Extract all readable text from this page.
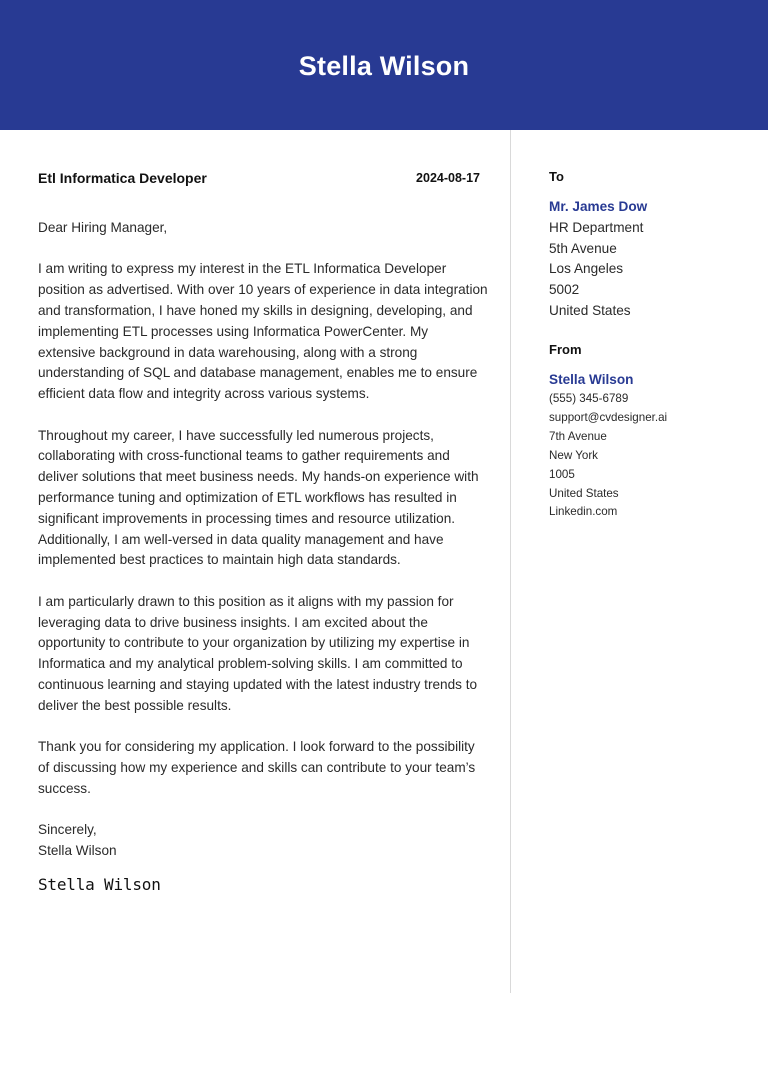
Stella Wilson
Etl Informatica Developer	2024-08-17

Dear Hiring Manager,

I am writing to express my interest in the ETL Informatica Developer position as advertised. With over 10 years of experience in data integration and transformation, I have honed my skills in designing, developing, and implementing ETL processes using Informatica PowerCenter. My extensive background in data warehousing, along with a strong understanding of SQL and database management, enables me to ensure efficient data flow and integrity across various systems.

Throughout my career, I have successfully led numerous projects, collaborating with cross-functional teams to gather requirements and deliver solutions that meet business needs. My hands-on experience with performance tuning and optimization of ETL workflows has resulted in significant improvements in processing times and resource utilization. Additionally, I am well-versed in data quality management and have implemented best practices to maintain high data standards.

I am particularly drawn to this position as it aligns with my passion for leveraging data to drive business insights. I am excited about the opportunity to contribute to your organization by utilizing my expertise in Informatica and my analytical problem-solving skills. I am committed to continuous learning and staying updated with the latest industry trends to deliver the best possible results.

Thank you for considering my application. I look forward to the possibility of discussing how my experience and skills can contribute to your team’s success.

Sincerely,
Stella Wilson
Stella Wilson
To
Mr. James Dow
HR Department
5th Avenue
Los Angeles
5002
United States
From
Stella Wilson
(555) 345-6789
support@cvdesigner.ai
7th Avenue
New York
1005
United States
Linkedin.com
